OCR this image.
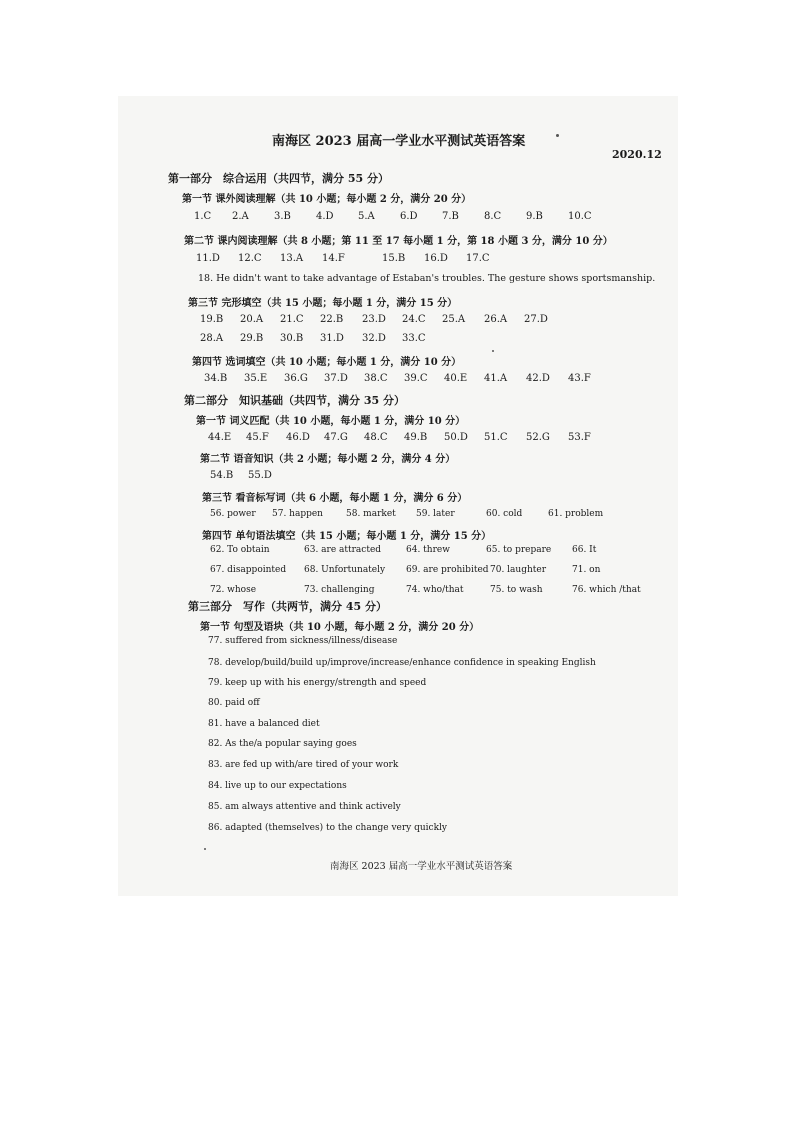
南海区 2023 届高一学业水平测试英语答案
2020.12
第一部分　综合运用（共四节，满分 55 分）
第一节 课外阅读理解（共 10 小题；每小题 2 分，满分 20 分）
1.C 2.A	3.B	4.D 5.A	6.D 7.B	8.C 9.B	10.C
第二节 课内阅读理解（共 8 小题；第 11 至 17 每小题 1 分，第 18 小题 3 分，满分 10 分）
11.D 12.C 13.A 14.F	15.B 16.D 17.C
18. He didn't want to take advantage of Estaban's troubles. The gesture shows sportsmanship.
第三节 完形填空（共 15 小题；每小题 1 分，满分 15 分）
19.B 20.A 21.C 22.B 23.D 24.C 25.A 26.A 27.D
28.A 29.B 30.B 31.D 32.D 33.C
第四节 选词填空（共 10 小题；每小题 1 分，满分 10 分）
34.B 35.E 36.G 37.D 38.C 39.C 40.E 41.A 42.D 43.F
第二部分　知识基础（共四节，满分 35 分）
第一节 词义匹配（共 10 小题，每小题 1 分，满分 10 分）
44.E 45.F 46.D 47.G 48.C 49.B 50.D 51.C 52.G 53.F
第二节 语音知识（共 2 小题；每小题 2 分，满分 4 分）
54.B 55.D
第三节 看音标写词（共 6 小题，每小题 1 分，满分 6 分）
56. power 57. happen	58. market 59. later	60. cold	61. problem
第四节 单句语法填空（共 15 小题；每小题 1 分，满分 15 分）
62. To obtain	63. are attracted	64. threw	65. to prepare 66. It
67. disappointed 68. Unfortunately 69. are prohibited 70. laughter	71. on
72. whose	73. challenging	74. who/that	75. to wash	76. which /that
第三部分　写作（共两节，满分 45 分）
第一节 句型及语块（共 10 小题，每小题 2 分，满分 20 分）
77. suffered from sickness/illness/disease
78. develop/build/build up/improve/increase/enhance confidence in speaking English
79. keep up with his energy/strength and speed
80. paid off
81. have a balanced diet
82. As the/a popular saying goes
83. are fed up with/are tired of your work
84. live up to our expectations
85. am always attentive and think actively
86. adapted (themselves) to the change very quickly
南海区 2023 届高一学业水平测试英语答案
